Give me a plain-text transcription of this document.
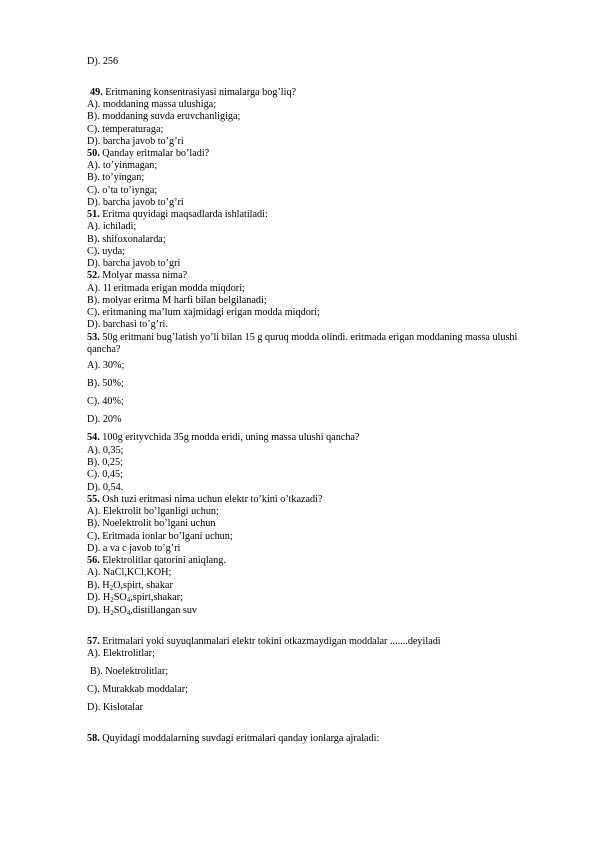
D). 256
49. Eritmaning konsentrasiyasi nimalarga bog’liq?
A). moddaning massa ulushiga;
B). moddaning suvda eruvchanligiga;
C). temperaturaga;
D). barcha javob to’g’ri
50. Qanday eritmalar bo’ladi?
A). to’yinmagan;
B). to’yingan;
C). o’ta to’iynga;
D). barcha javob to’g’ri
51. Eritma quyidagi maqsadlarda ishlatiladi:
A). ichiladi;
B). shifoxonalarda;
C). uyda;
D). barcha javob to’gri
52. Molyar massa nima?
A). 1l eritmada erigan modda miqdori;
B). molyar eritma M harfi bilan belgilanadi;
C). eritmaning ma’lum xajmidagi erigan modda miqdori;
D). barchasi to’g’ri.
53. 50g eritmani bug’latish yo’li bilan 15 g quruq modda olindi. eritmada erigan moddaning massa ulushi qancha?
A). 30%;
B). 50%;
C). 40%;
D). 20%
54. 100g erityvchida 35g modda eridi, uning massa ulushi qancha?
A). 0,35;
B). 0,25;
C). 0,45;
D). 0,54.
55. Osh tuzi eritmasi nima uchun elektr to’kini o’tkazadi?
A). Elektrolit bo’lganligi uchun;
B). Noelektrolit bo’lgani uchun
C). Eritmada ionlar bo’lgani uchun;
D). a va c javob to’g’ri
56. Elektrolitlar qatorini aniqlang.
A). NaCl,KCl,KOH;
B). $H_2O,spirt$, shakar
D). $H_2SO_4,spirt,shakar$;
D). $H_2SO_4,distillangan$ suv
57. Eritmalari yoki suyuqlanmalari elektr tokini otkazmaydigan moddalar .......deyiladi
A). Elektrolitlar;
B). Noelektrolitlar;
C). Murakkab moddalar;
D). Kislotalar
58. Quyidagi moddalarning suvdagi eritmalari qanday ionlarga ajraladi:
